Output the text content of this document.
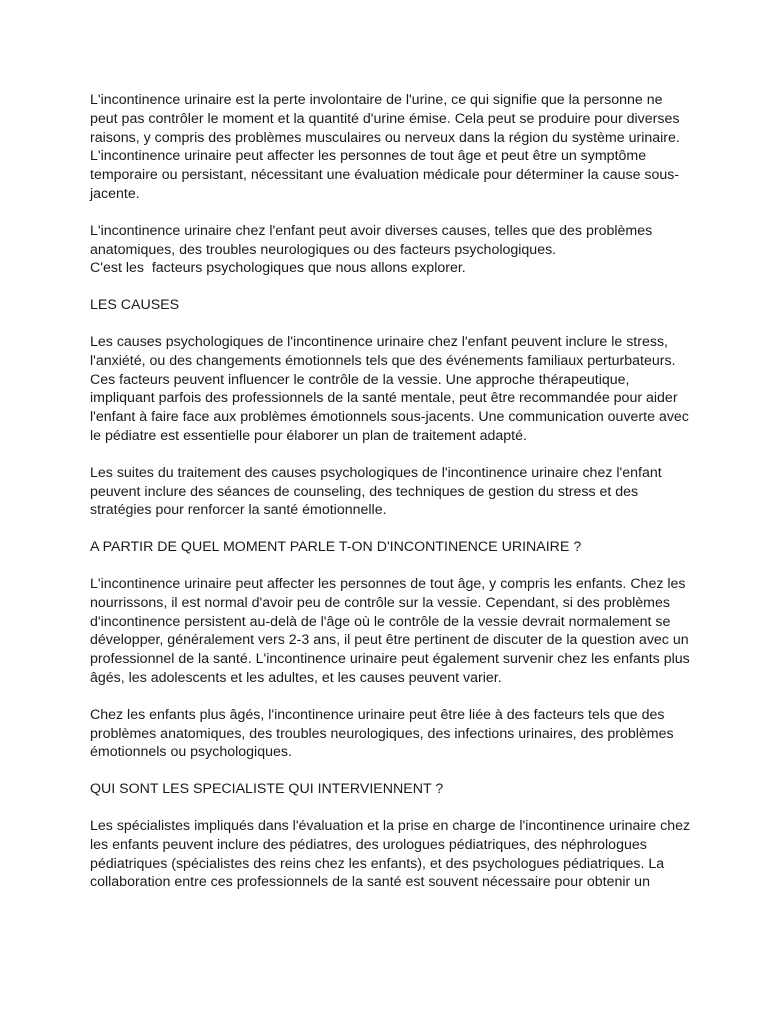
L'incontinence urinaire est la perte involontaire de l'urine, ce qui signifie que la personne ne
peut pas contrôler le moment et la quantité d'urine émise. Cela peut se produire pour diverses
raisons, y compris des problèmes musculaires ou nerveux dans la région du système urinaire.
L'incontinence urinaire peut affecter les personnes de tout âge et peut être un symptôme
temporaire ou persistant, nécessitant une évaluation médicale pour déterminer la cause sous-
jacente.
L'incontinence urinaire chez l'enfant peut avoir diverses causes, telles que des problèmes
anatomiques, des troubles neurologiques ou des facteurs psychologiques.
C'est les  facteurs psychologiques que nous allons explorer.
LES CAUSES
Les causes psychologiques de l'incontinence urinaire chez l'enfant peuvent inclure le stress,
l'anxiété, ou des changements émotionnels tels que des événements familiaux perturbateurs.
Ces facteurs peuvent influencer le contrôle de la vessie. Une approche thérapeutique,
impliquant parfois des professionnels de la santé mentale, peut être recommandée pour aider
l'enfant à faire face aux problèmes émotionnels sous-jacents. Une communication ouverte avec
le pédiatre est essentielle pour élaborer un plan de traitement adapté.
Les suites du traitement des causes psychologiques de l'incontinence urinaire chez l'enfant
peuvent inclure des séances de counseling, des techniques de gestion du stress et des
stratégies pour renforcer la santé émotionnelle.
A PARTIR DE QUEL MOMENT PARLE T-ON D'INCONTINENCE URINAIRE ?
L'incontinence urinaire peut affecter les personnes de tout âge, y compris les enfants. Chez les
nourrissons, il est normal d'avoir peu de contrôle sur la vessie. Cependant, si des problèmes
d'incontinence persistent au-delà de l'âge où le contrôle de la vessie devrait normalement se
développer, généralement vers 2-3 ans, il peut être pertinent de discuter de la question avec un
professionnel de la santé. L'incontinence urinaire peut également survenir chez les enfants plus
âgés, les adolescents et les adultes, et les causes peuvent varier.
Chez les enfants plus âgés, l'incontinence urinaire peut être liée à des facteurs tels que des
problèmes anatomiques, des troubles neurologiques, des infections urinaires, des problèmes
émotionnels ou psychologiques.
QUI SONT LES SPECIALISTE QUI INTERVIENNENT ?
Les spécialistes impliqués dans l'évaluation et la prise en charge de l'incontinence urinaire chez
les enfants peuvent inclure des pédiatres, des urologues pédiatriques, des néphrologues
pédiatriques (spécialistes des reins chez les enfants), et des psychologues pédiatriques. La
collaboration entre ces professionnels de la santé est souvent nécessaire pour obtenir un
